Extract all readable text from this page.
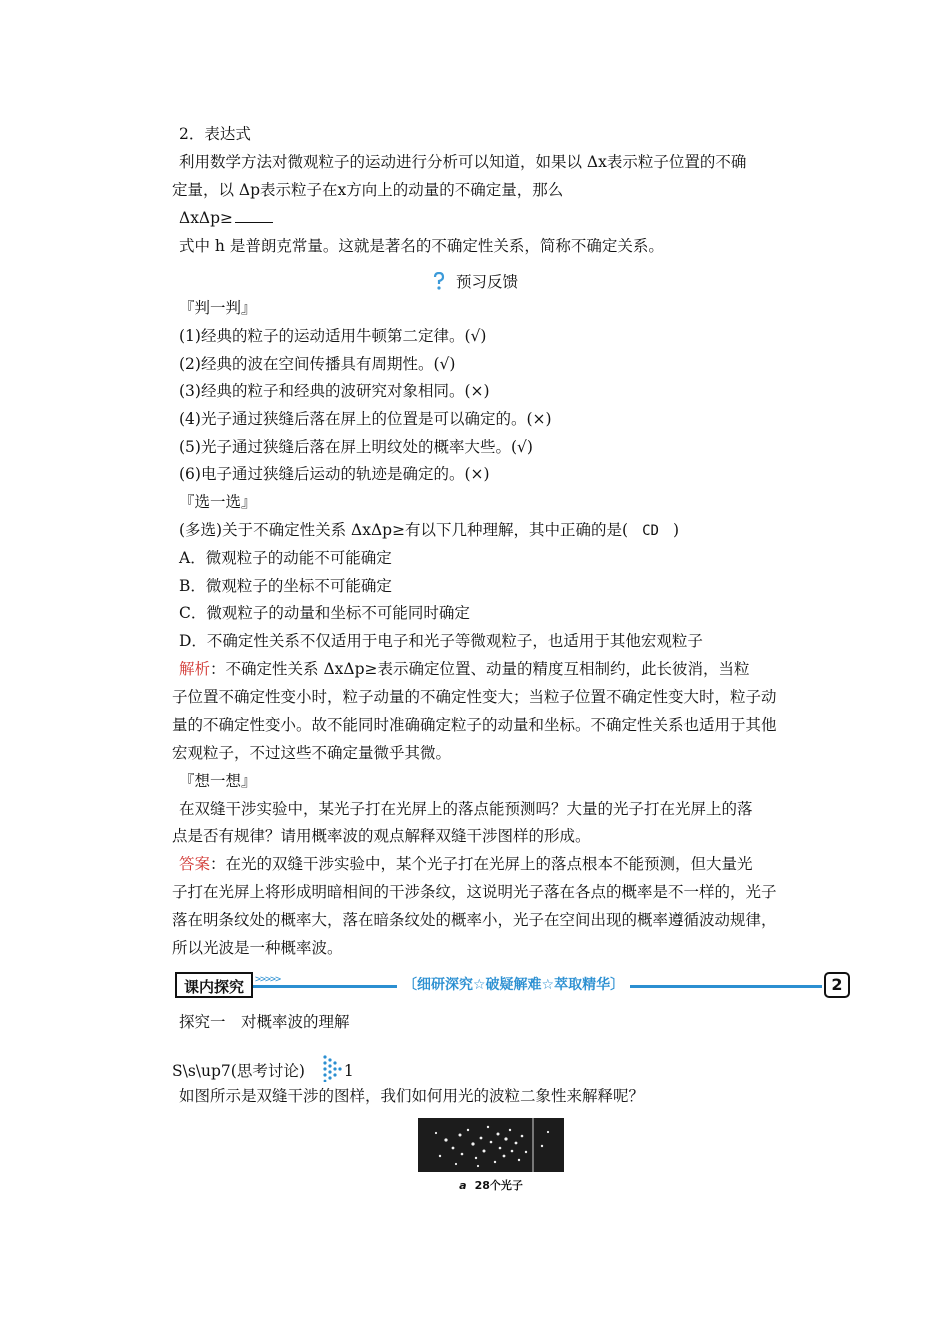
2．表达式
利用数学方法对微观粒子的运动进行分析可以知道，如果以 Δx表示粒子位置的不确
定量，以 Δp表示粒子在x方向上的动量的不确定量，那么
ΔxΔp≥
式中 h 是普朗克常量。这就是著名的不确定性关系，简称不确定关系。
预习反馈
『判一判』
(1)经典的粒子的运动适用牛顿第二定律。(√)
(2)经典的波在空间传播具有周期性。(√)
(3)经典的粒子和经典的波研究对象相同。(×)
(4)光子通过狭缝后落在屏上的位置是可以确定的。(×)
(5)光子通过狭缝后落在屏上明纹处的概率大些。(√)
(6)电子通过狭缝后运动的轨迹是确定的。(×)
『选一选』
(多选)关于不确定性关系 ΔxΔp≥有以下几种理解，其中正确的是( CD )
A．微观粒子的动能不可能确定
B．微观粒子的坐标不可能确定
C．微观粒子的动量和坐标不可能同时确定
D．不确定性关系不仅适用于电子和光子等微观粒子，也适用于其他宏观粒子
解析：不确定性关系 ΔxΔp≥表示确定位置、动量的精度互相制约，此长彼消，当粒
子位置不确定性变小时，粒子动量的不确定性变大；当粒子位置不确定性变大时，粒子动
量的不确定性变小。故不能同时准确确定粒子的动量和坐标。不确定性关系也适用于其他
宏观粒子，不过这些不确定量微乎其微。
『想一想』
在双缝干涉实验中，某光子打在光屏上的落点能预测吗？大量的光子打在光屏上的落
点是否有规律？请用概率波的观点解释双缝干涉图样的形成。
答案：在光的双缝干涉实验中，某个光子打在光屏上的落点根本不能预测，但大量光
子打在光屏上将形成明暗相间的干涉条纹，这说明光子落在各点的概率是不一样的，光子
落在明条纹处的概率大，落在暗条纹处的概率小，光子在空间出现的概率遵循波动规律，
所以光波是一种概率波。
课内探究	>>>>>	〔细研深究☆破疑解难☆萃取精华〕	2
探究一　对概率波的理解
S\s\up7(思考讨论)	1
如图所示是双缝干涉的图样，我们如何用光的波粒二象性来解释呢？
a 28个光子
